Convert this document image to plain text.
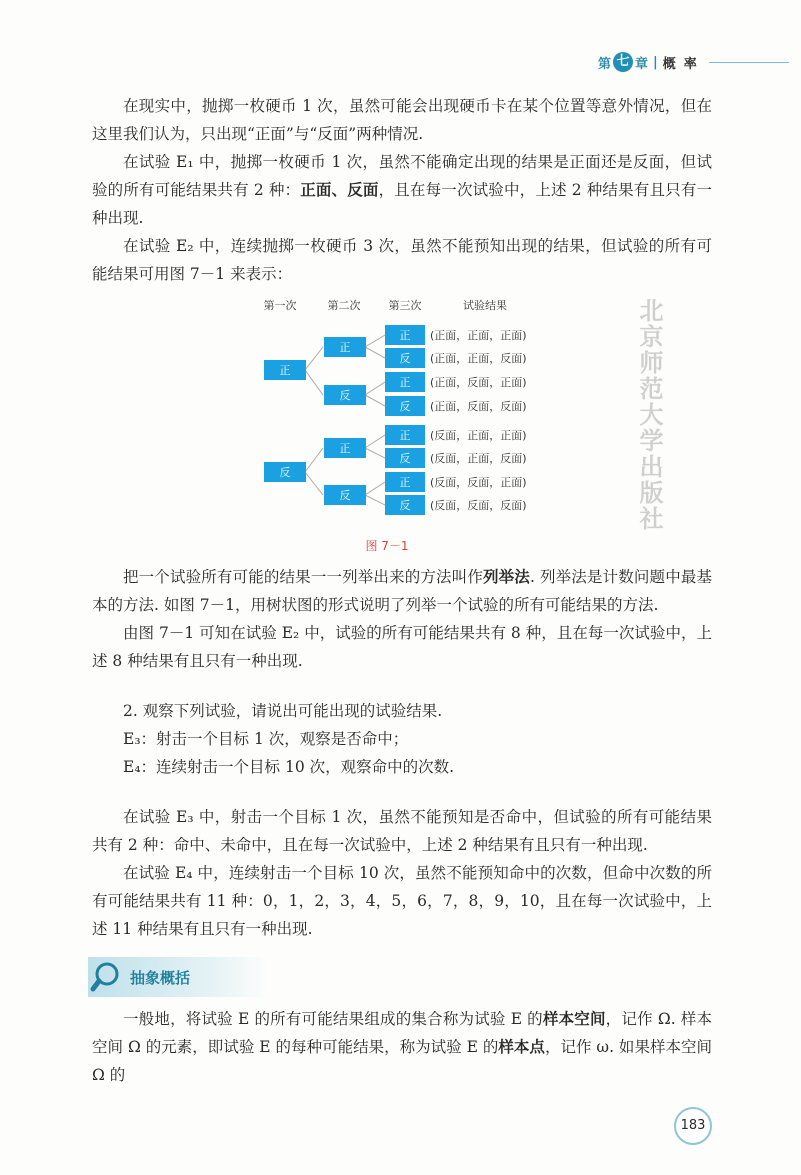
第 七 章 | 概率

在现实中，抛掷一枚硬币 1 次，虽然可能会出现硬币卡在某个位置等意外情况，但在这里我们认为，只出现“正面”与“反面”两种情况.

在试验 E₁ 中，抛掷一枚硬币 1 次，虽然不能确定出现的结果是正面还是反面，但试验的所有可能结果共有 2 种：正面、反面，且在每一次试验中，上述 2 种结果有且只有一种出现.

在试验 E₂ 中，连续抛掷一枚硬币 3 次，虽然不能预知出现的结果，但试验的所有可能结果可用图 7－1 来表示：

第一次	第二次	第三次	试验结果
正
反
正
反
正
反
正 (正面，正面，正面)
反 (正面，正面，反面)
正 (正面，反面，正面)
反 (正面，反面，反面)
正 (反面，正面，正面)
反 (反面，正面，反面)
正 (反面，反面，正面)
反 (反面，反面，反面)	北京师范大学出版社
图 7－1

把一个试验所有可能的结果一一列举出来的方法叫作列举法. 列举法是计数问题中最基本的方法. 如图 7－1，用树状图的形式说明了列举一个试验的所有可能结果的方法.

由图 7－1 可知在试验 E₂ 中，试验的所有可能结果共有 8 种，且在每一次试验中，上述 8 种结果有且只有一种出现.

2. 观察下列试验，请说出可能出现的试验结果.

E₃：射击一个目标 1 次，观察是否命中；

E₄：连续射击一个目标 10 次，观察命中的次数.

在试验 E₃ 中，射击一个目标 1 次，虽然不能预知是否命中，但试验的所有可能结果共有 2 种：命中、未命中，且在每一次试验中，上述 2 种结果有且只有一种出现.

在试验 E₄ 中，连续射击一个目标 10 次，虽然不能预知命中的次数，但命中次数的所有可能结果共有 11 种：0，1，2，3，4，5，6，7，8，9，10，且在每一次试验中，上述 11 种结果有且只有一种出现.

抽象概括

一般地，将试验 E 的所有可能结果组成的集合称为试验 E 的样本空间，记作 Ω. 样本空间 Ω 的元素，即试验 E 的每种可能结果，称为试验 E 的样本点，记作 ω. 如果样本空间 Ω 的

183
